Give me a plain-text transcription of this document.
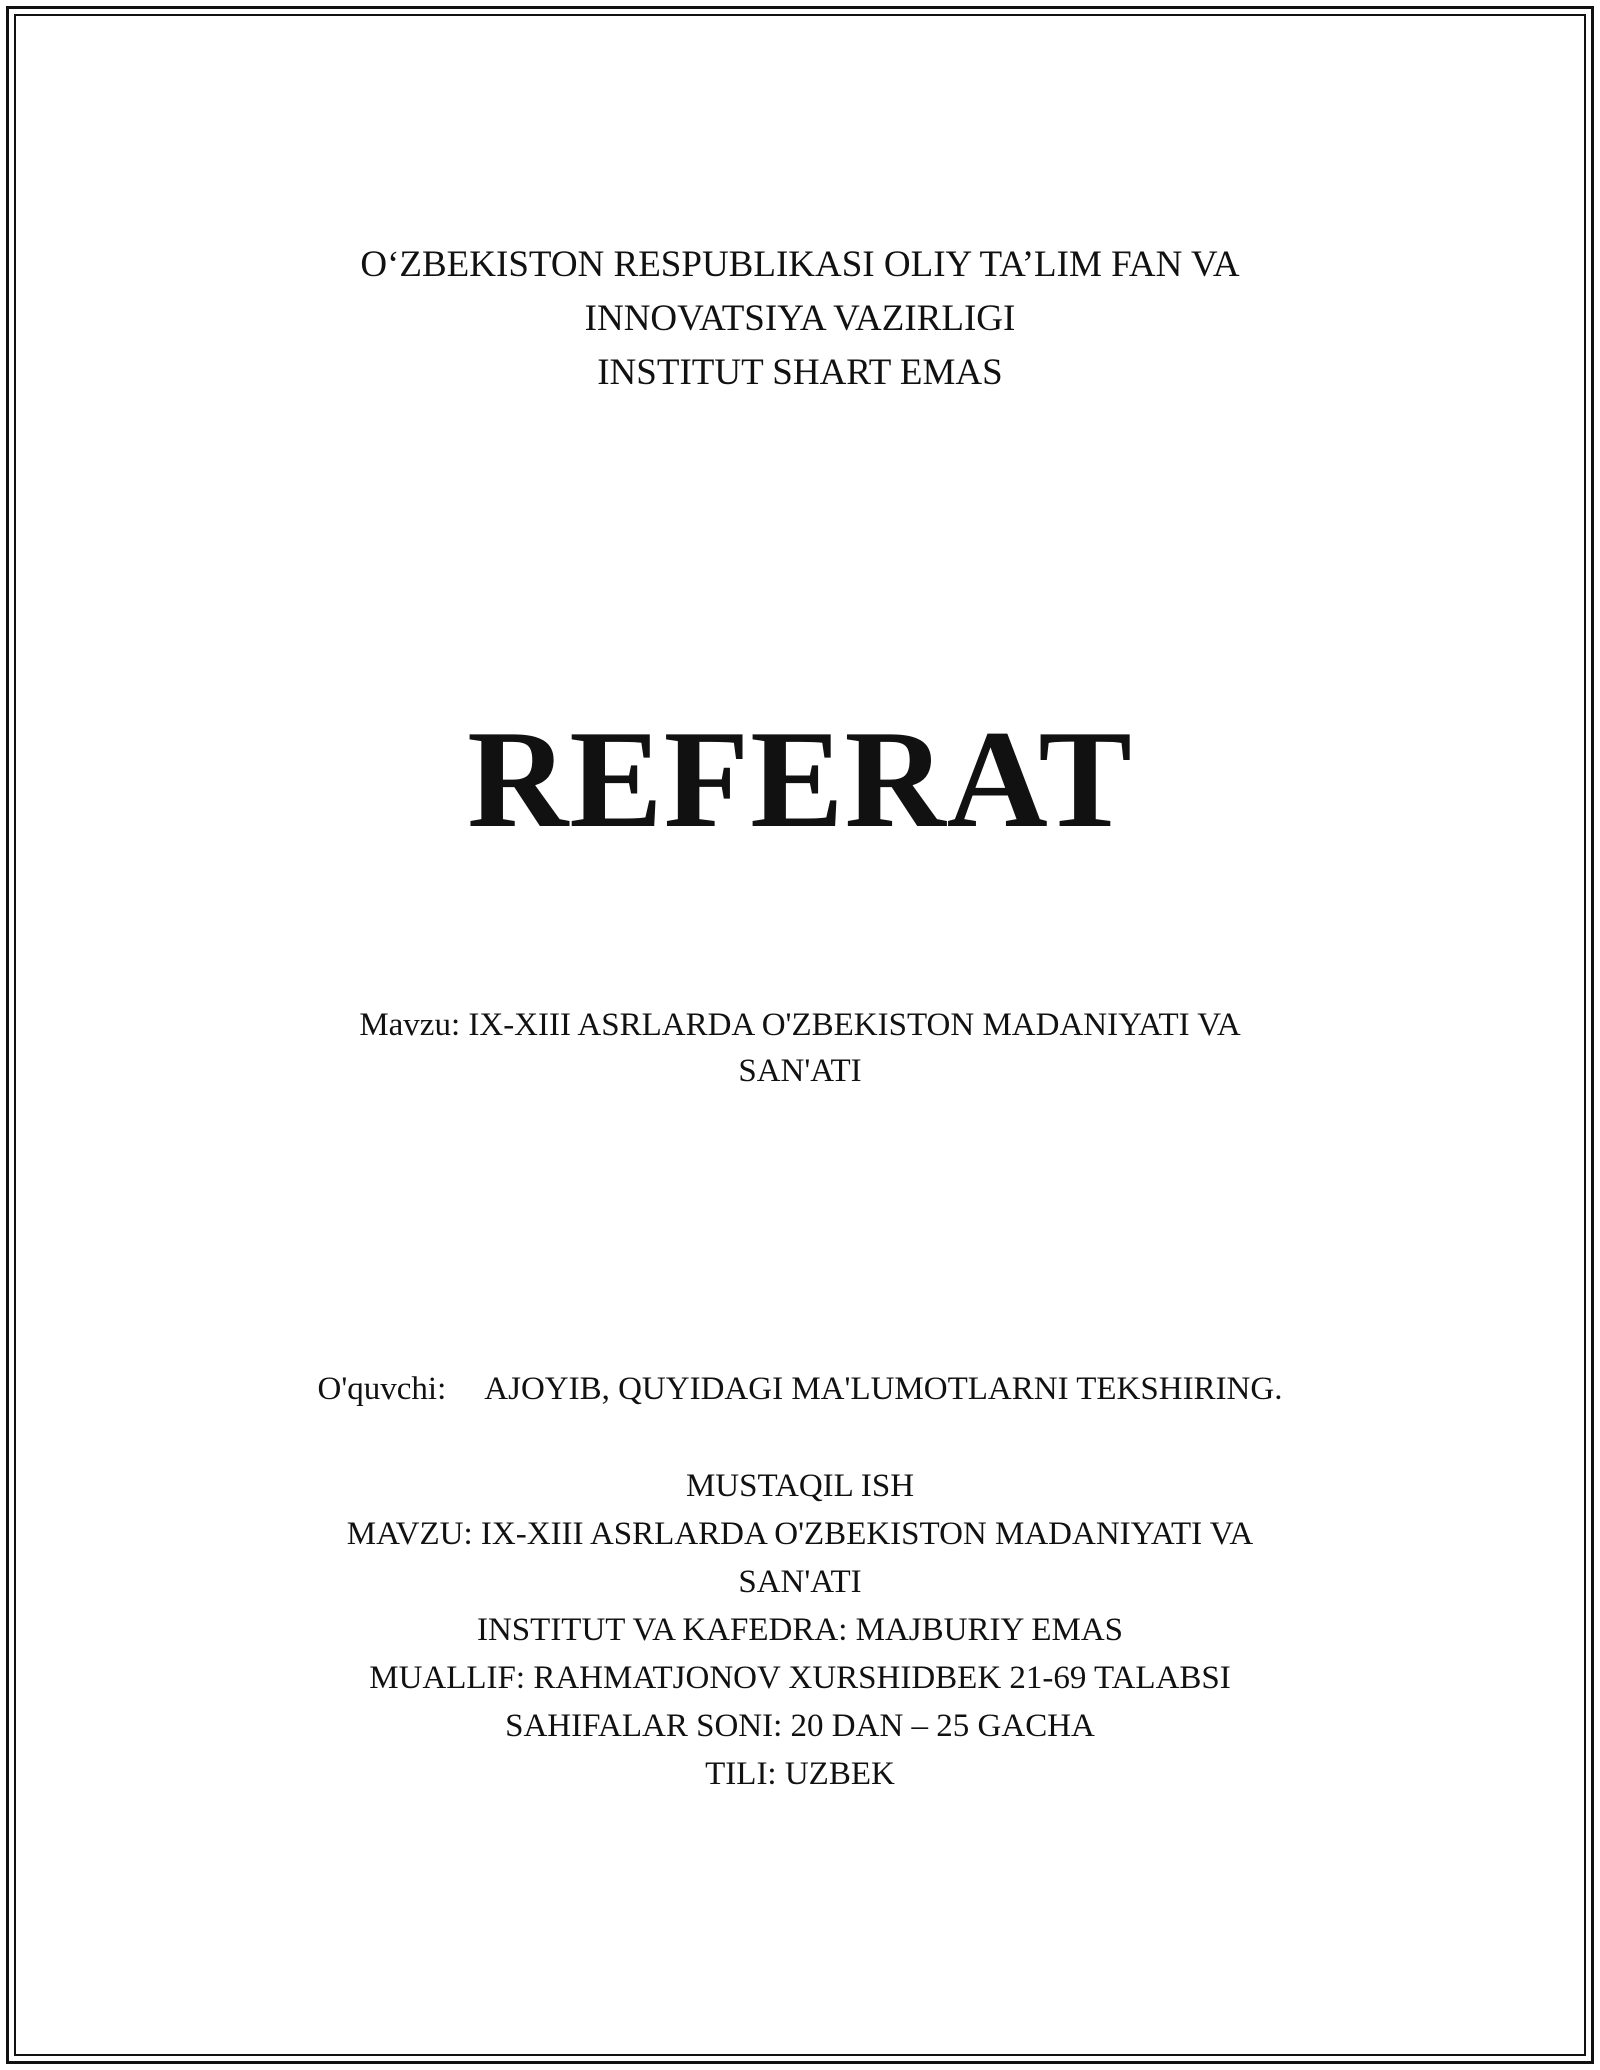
O‘ZBEKISTON RESPUBLIKASI OLIY TA’LIM FAN VA
INNOVATSIYA VAZIRLIGI
INSTITUT SHART EMAS
REFERAT
Mavzu: IX-XIII ASRLARDA O'ZBEKISTON MADANIYATI VA
SAN'ATI
O'quvchi: AJOYIB, QUYIDAGI MA'LUMOTLARNI TEKSHIRING.
MUSTAQIL ISH
MAVZU: IX-XIII ASRLARDA O'ZBEKISTON MADANIYATI VA
SAN'ATI
INSTITUT VA KAFEDRA: MAJBURIY EMAS
MUALLIF: RAHMATJONOV XURSHIDBEK 21-69 TALABSI
SAHIFALAR SONI: 20 DAN – 25 GACHA
TILI: UZBEK
